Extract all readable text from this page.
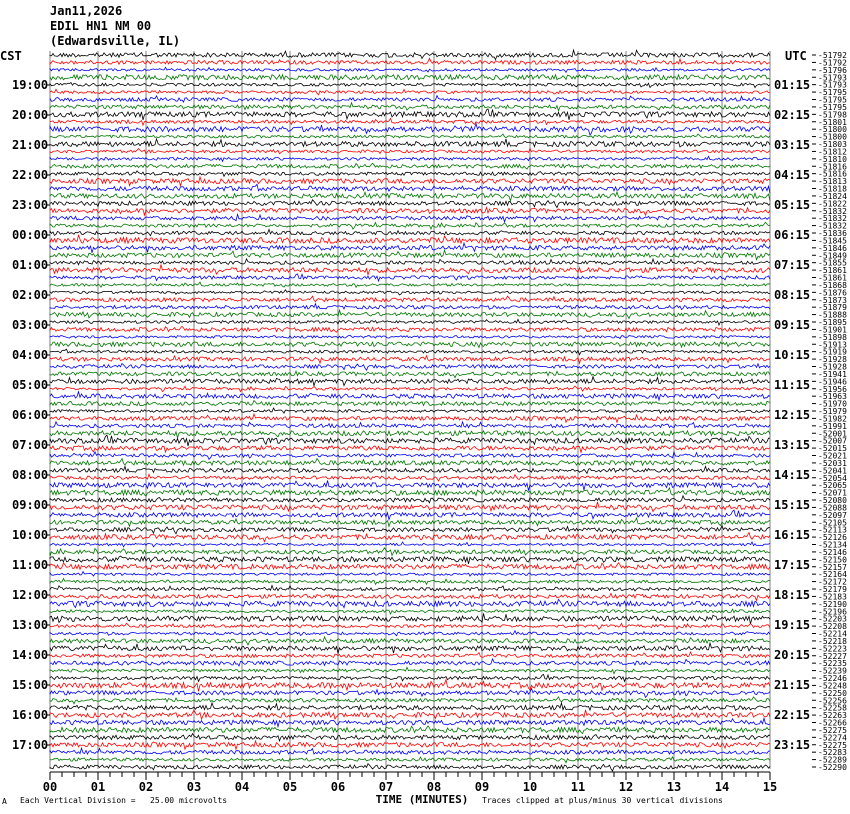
Jan11,2026
EDIL HN1 NM 00
(Edwardsville, IL)
-51792
-51792
-51796
-51793
-51793
-51795
-51795
-51795
-51798
-51801
-51800
-51800
-51803
-51812
-51810
-51816
-51816
-51813
-51818
-51824
-51822
-51832
-51832
-51832
-51836
-51845
-51846
-51849
-51855
-51861
-51861
-51868
-51876
-51873
-51879
-51888
-51895
-51901
-51898
-51913
-51919
-51928
-51928
-51941
-51946
-51956
-51963
-51970
-51979
-51982
-51991
-52001
-52007
-52015
-52021
-52031
-52041
-52054
-52065
-52071
-52080
-52088
-52097
-52105
-52113
-52126
-52134
-52146
-52150
-52157
-52164
-52172
-52179
-52183
-52190
-52196
-52203
-52208
-52214
-52218
-52223
-52227
-52235
-52239
-52246
-52248
-52250
-52256
-52258
-52263
-52266
-52275
-52274
-52275
-52283
-52289
-52290
CST	UTC
19:00
20:00
21:00
22:00
23:00
00:00
01:00
02:00
03:00
04:00
05:00
06:00
07:00
08:00
09:00
10:00
11:00
12:00
13:00
14:00
15:00
16:00
17:00
01:15
02:15
03:15
04:15
05:15
06:15
07:15
08:15
09:15
10:15
11:15
12:15
13:15
14:15
15:15
16:15
17:15
18:15
19:15
20:15
21:15
22:15
23:15
00	01	02	03	04	05	06	07	08	09	10	11	12	13	14	15
TIME (MINUTES)
A Each Vertical Division =   25.00 microvolts	Traces clipped at plus/minus 30 vertical divisions
